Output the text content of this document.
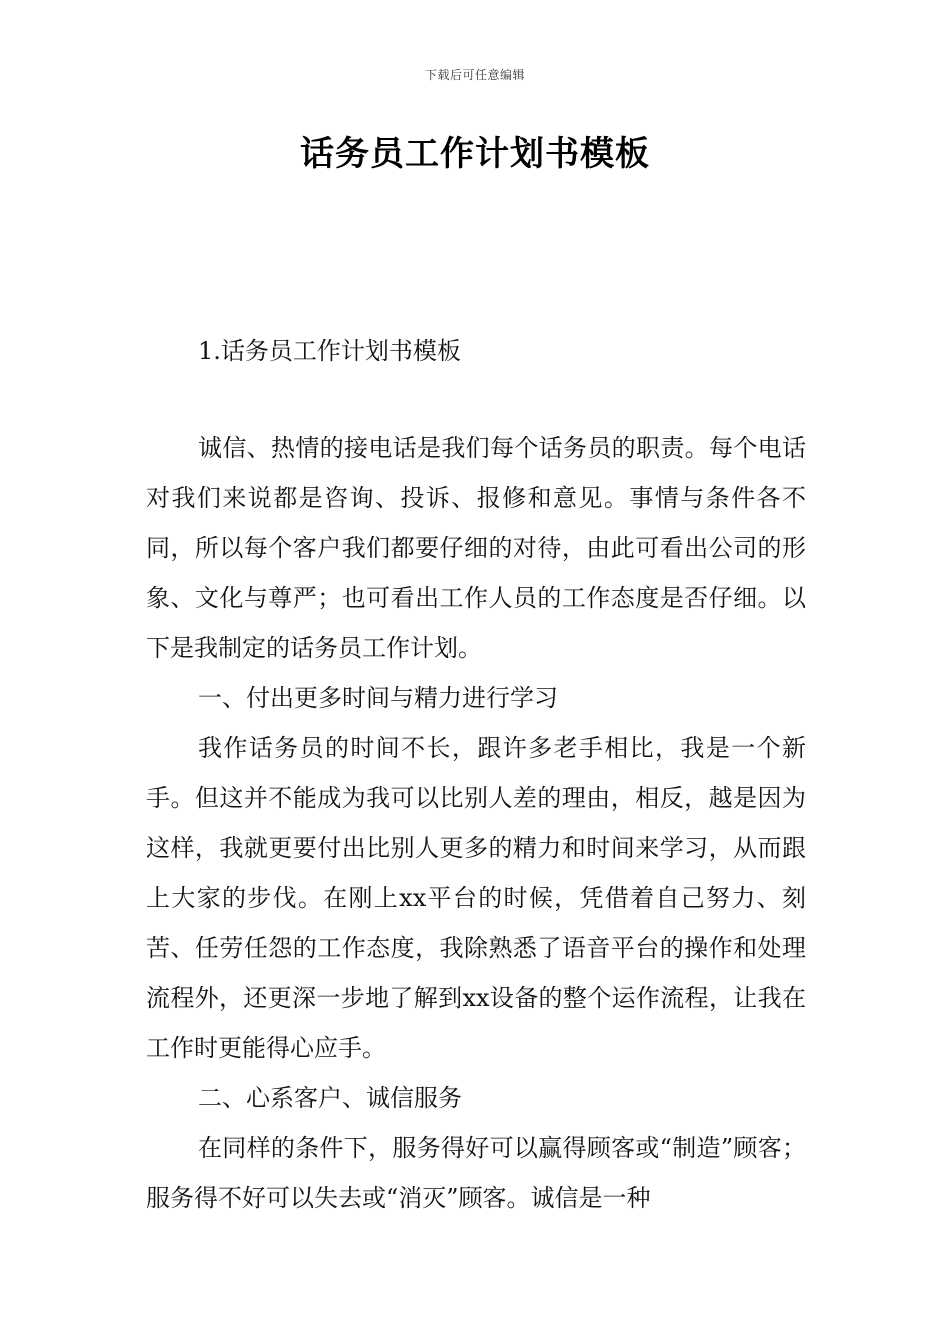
下载后可任意编辑
话务员工作计划书模板
1.话务员工作计划书模板

诚信、热情的接电话是我们每个话务员的职责。每个电话对我们来说都是咨询、投诉、报修和意见。事情与条件各不同，所以每个客户我们都要仔细的对待，由此可看出公司的形象、文化与尊严；也可看出工作人员的工作态度是否仔细。以下是我制定的话务员工作计划。

一、付出更多时间与精力进行学习

我作话务员的时间不长，跟许多老手相比，我是一个新手。但这并不能成为我可以比别人差的理由，相反，越是因为这样，我就更要付出比别人更多的精力和时间来学习，从而跟上大家的步伐。在刚上xx平台的时候，凭借着自己努力、刻苦、任劳任怨的工作态度，我除熟悉了语音平台的操作和处理流程外，还更深一步地了解到xx设备的整个运作流程，让我在工作时更能得心应手。

二、心系客户、诚信服务

在同样的条件下，服务得好可以赢得顾客或“制造”顾客；服务得不好可以失去或“消灭”顾客。诚信是一种
